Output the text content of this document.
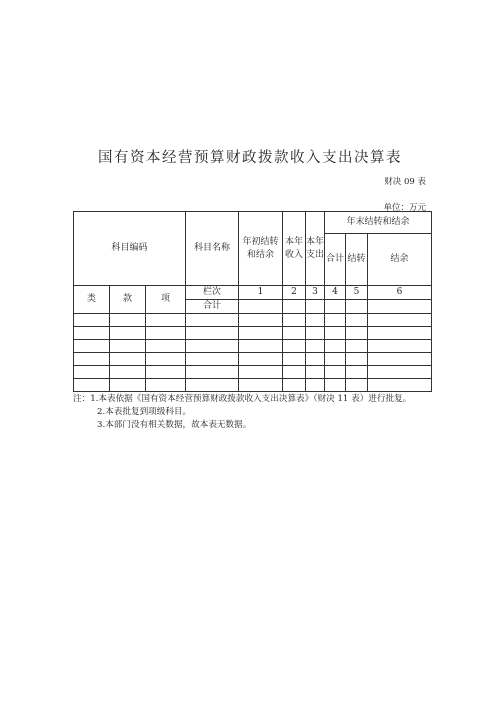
国有资本经营预算财政拨款收入支出决算表
财决 09 表
单位：万元
科目编码			科目名称	年初结转和结余	本年收入	本年支出	年末结转和结余		
							合计	结转	结余

类	款	项	栏次	1	2	3	4	5	6
			合计						

注：1.本表依据《国有资本经营预算财政拨款收入支出决算表》（财决 11 表）进行批复。

2.本表批复到项级科目。

3.本部门没有相关数据，故本表无数据。
